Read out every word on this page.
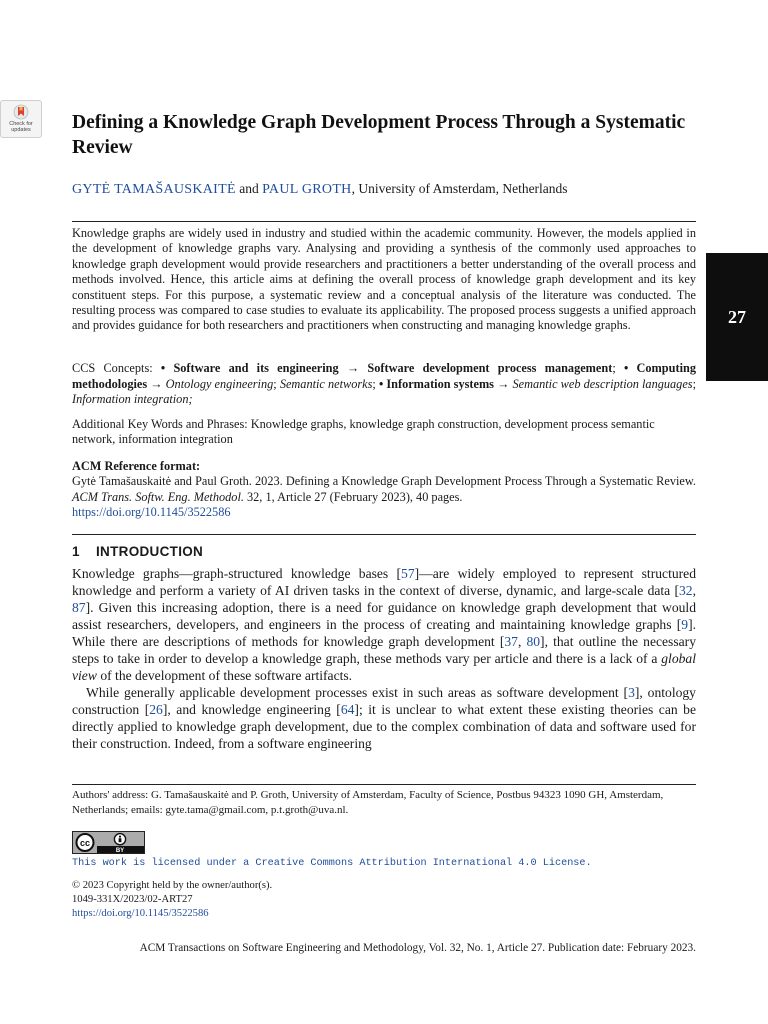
Check for
updates Defining a Knowledge Graph Development Process Through a Systematic Review
GYTĖ TAMAŠAUSKAITĖ and PAUL GROTH, University of Amsterdam, Netherlands
Knowledge graphs are widely used in industry and studied within the academic community. However, the models applied in the development of knowledge graphs vary. Analysing and providing a synthesis of the commonly used approaches to knowledge graph development would provide researchers and practitioners a better understanding of the overall process and methods involved. Hence, this article aims at defining the overall process of knowledge graph development and its key constituent steps. For this purpose, a systematic review and a conceptual analysis of the literature was conducted. The resulting process was compared to case studies to evaluate its applicability. The proposed process suggests a unified approach and provides guidance for both researchers and practitioners when constructing and managing knowledge graphs.
CCS Concepts: • Software and its engineering → Software development process management; • Computing methodologies → Ontology engineering; Semantic networks; • Information systems → Semantic web description languages; Information integration;
Additional Key Words and Phrases: Knowledge graphs, knowledge graph construction, development process semantic network, information integration
ACM Reference format:
Gytė Tamašauskaitė and Paul Groth. 2023. Defining a Knowledge Graph Development Process Through a Systematic Review. ACM Trans. Softw. Eng. Methodol. 32, 1, Article 27 (February 2023), 40 pages.
https://doi.org/10.1145/3522586
1 INTRODUCTION

Knowledge graphs—graph-structured knowledge bases [57]—are widely employed to represent structured knowledge and perform a variety of AI driven tasks in the context of diverse, dynamic, and large-scale data [32, 87]. Given this increasing adoption, there is a need for guidance on knowledge graph development that would assist researchers, developers, and engineers in the process of creating and maintaining knowledge graphs [9]. While there are descriptions of methods for knowledge graph development [37, 80], that outline the necessary steps to take in order to develop a knowledge graph, these methods vary per article and there is a lack of a global view of the development of these software artifacts.

While generally applicable development processes exist in such areas as software development [3], ontology construction [26], and knowledge engineering [64]; it is unclear to what extent these existing theories can be directly applied to knowledge graph development, due to the complex combination of data and software used for their construction. Indeed, from a software engineering

Authors' address: G. Tamašauskaitė and P. Groth, University of Amsterdam, Faculty of Science, Postbus 94323 1090 GH, Amsterdam, Netherlands; emails: gyte.tama@gmail.com, p.t.groth@uva.nl.
cc
BY
This work is licensed under a Creative Commons Attribution International 4.0 License.
© 2023 Copyright held by the owner/author(s).
1049-331X/2023/02-ART27
https://doi.org/10.1145/3522586
ACM Transactions on Software Engineering and Methodology, Vol. 32, No. 1, Article 27. Publication date: February 2023.
27
